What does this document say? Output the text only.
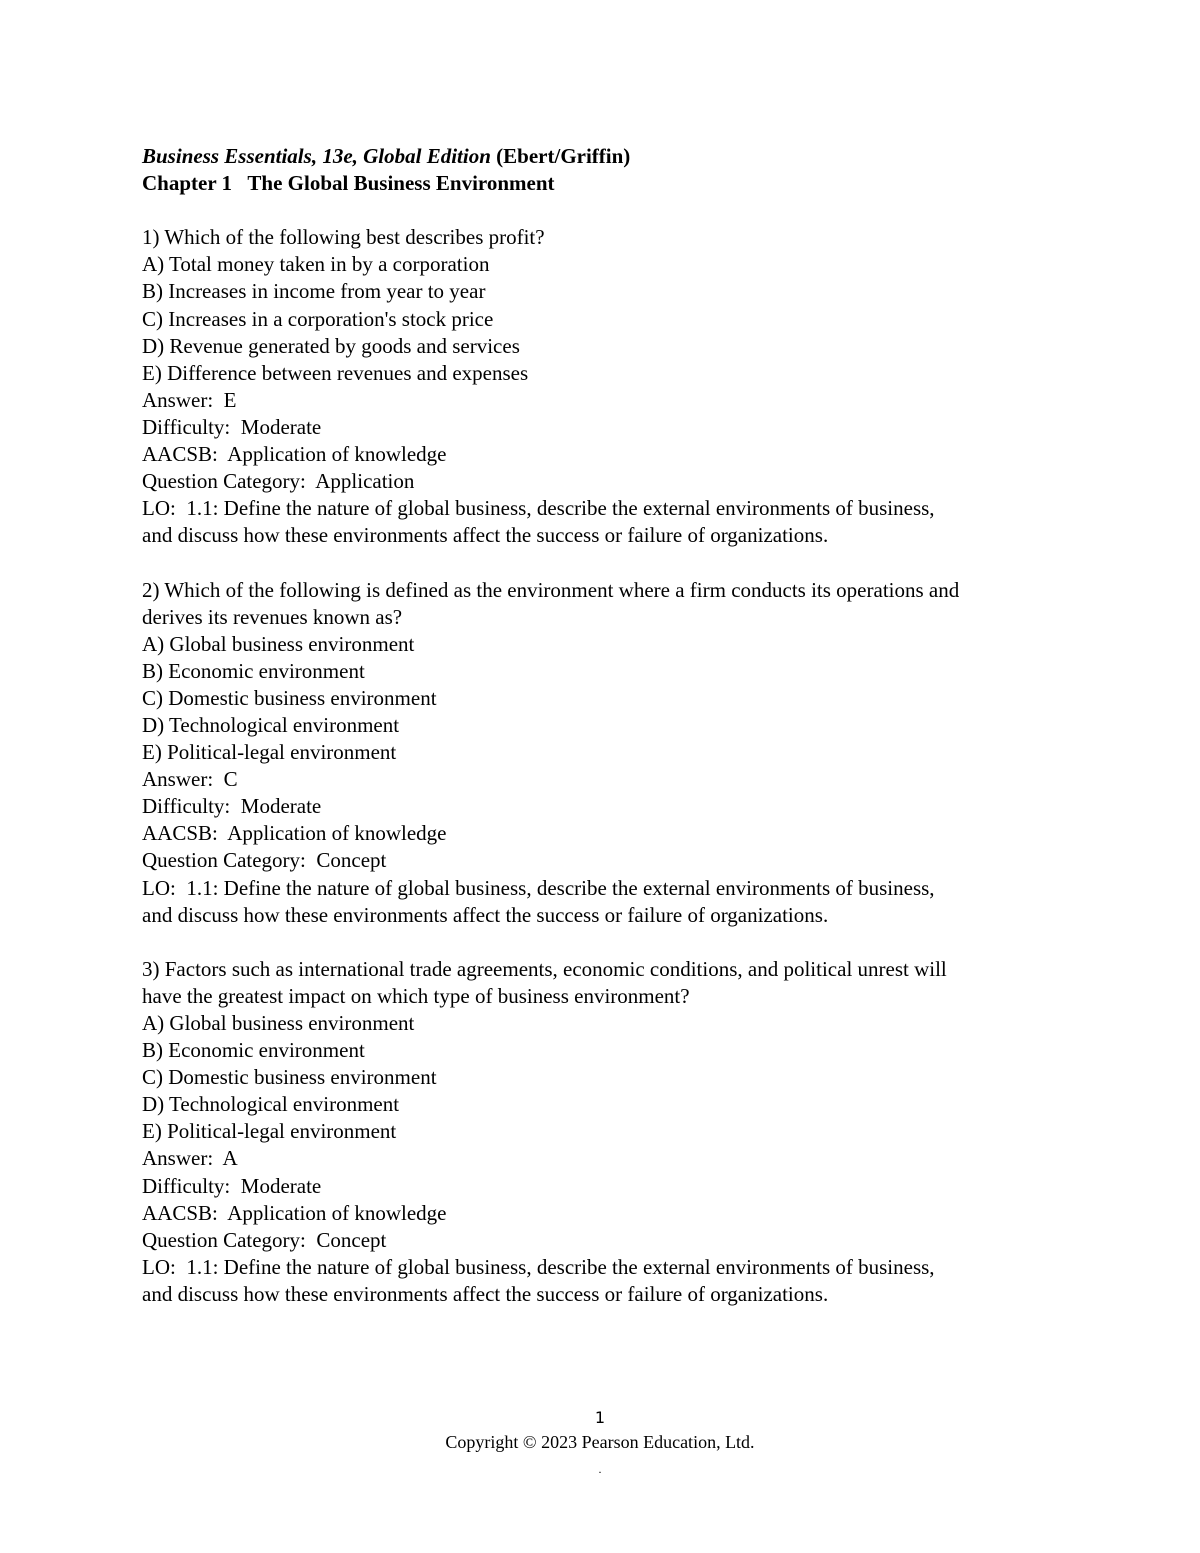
Business Essentials, 13e, Global Edition (Ebert/Griffin)
Chapter 1   The Global Business Environment
1) Which of the following best describes profit?
A) Total money taken in by a corporation
B) Increases in income from year to year
C) Increases in a corporation's stock price
D) Revenue generated by goods and services
E) Difference between revenues and expenses
Answer:  E
Difficulty:  Moderate
AACSB:  Application of knowledge
Question Category:  Application
LO:  1.1: Define the nature of global business, describe the external environments of business,
and discuss how these environments affect the success or failure of organizations.
2) Which of the following is defined as the environment where a firm conducts its operations and
derives its revenues known as?
A) Global business environment
B) Economic environment
C) Domestic business environment
D) Technological environment
E) Political-legal environment
Answer:  C
Difficulty:  Moderate
AACSB:  Application of knowledge
Question Category:  Concept
LO:  1.1: Define the nature of global business, describe the external environments of business,
and discuss how these environments affect the success or failure of organizations.
3) Factors such as international trade agreements, economic conditions, and political unrest will
have the greatest impact on which type of business environment?
A) Global business environment
B) Economic environment
C) Domestic business environment
D) Technological environment
E) Political-legal environment
Answer:  A
Difficulty:  Moderate
AACSB:  Application of knowledge
Question Category:  Concept
LO:  1.1: Define the nature of global business, describe the external environments of business,
and discuss how these environments affect the success or failure of organizations.
1
Copyright © 2023 Pearson Education, Ltd.
.
